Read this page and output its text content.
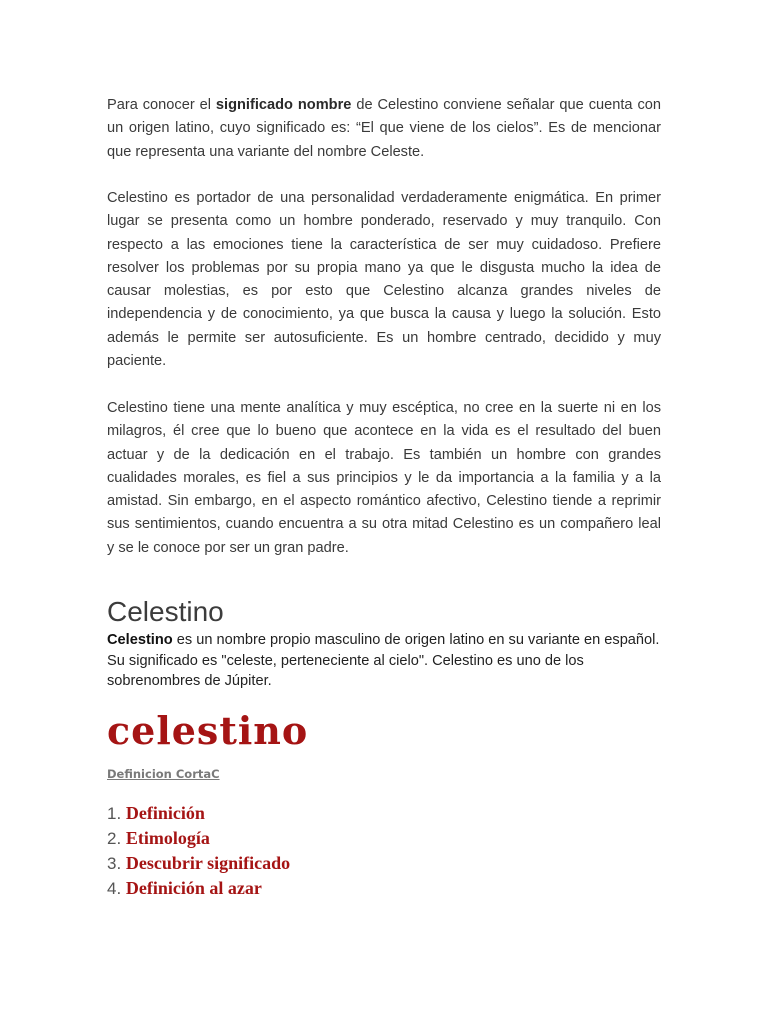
Para conocer el significado nombre de Celestino conviene señalar que cuenta con un origen latino, cuyo significado es: “El que viene de los cielos”. Es de mencionar que representa una variante del nombre Celeste.

Celestino es portador de una personalidad verdaderamente enigmática. En primer lugar se presenta como un hombre ponderado, reservado y muy tranquilo. Con respecto a las emociones tiene la característica de ser muy cuidadoso. Prefiere resolver los problemas por su propia mano ya que le disgusta mucho la idea de causar molestias, es por esto que Celestino alcanza grandes niveles de independencia y de conocimiento, ya que busca la causa y luego la solución. Esto además le permite ser autosuficiente. Es un hombre centrado, decidido y muy paciente.

Celestino tiene una mente analítica y muy escéptica, no cree en la suerte ni en los milagros, él cree que lo bueno que acontece en la vida es el resultado del buen actuar y de la dedicación en el trabajo. Es también un hombre con grandes cualidades morales, es fiel a sus principios y le da importancia a la familia y a la amistad. Sin embargo, en el aspecto romántico afectivo, Celestino tiende a reprimir sus sentimientos, cuando encuentra a su otra mitad Celestino es un compañero leal y se le conoce por ser un gran padre.

Celestino

Celestino es un nombre propio masculino de origen latino en su variante en español. Su significado es "celeste, perteneciente al cielo". Celestino es uno de los sobrenombres de Júpiter.

celestino
Definicion CortaC
1. Definición
2. Etimología
3. Descubrir significado
4. Definición al azar
